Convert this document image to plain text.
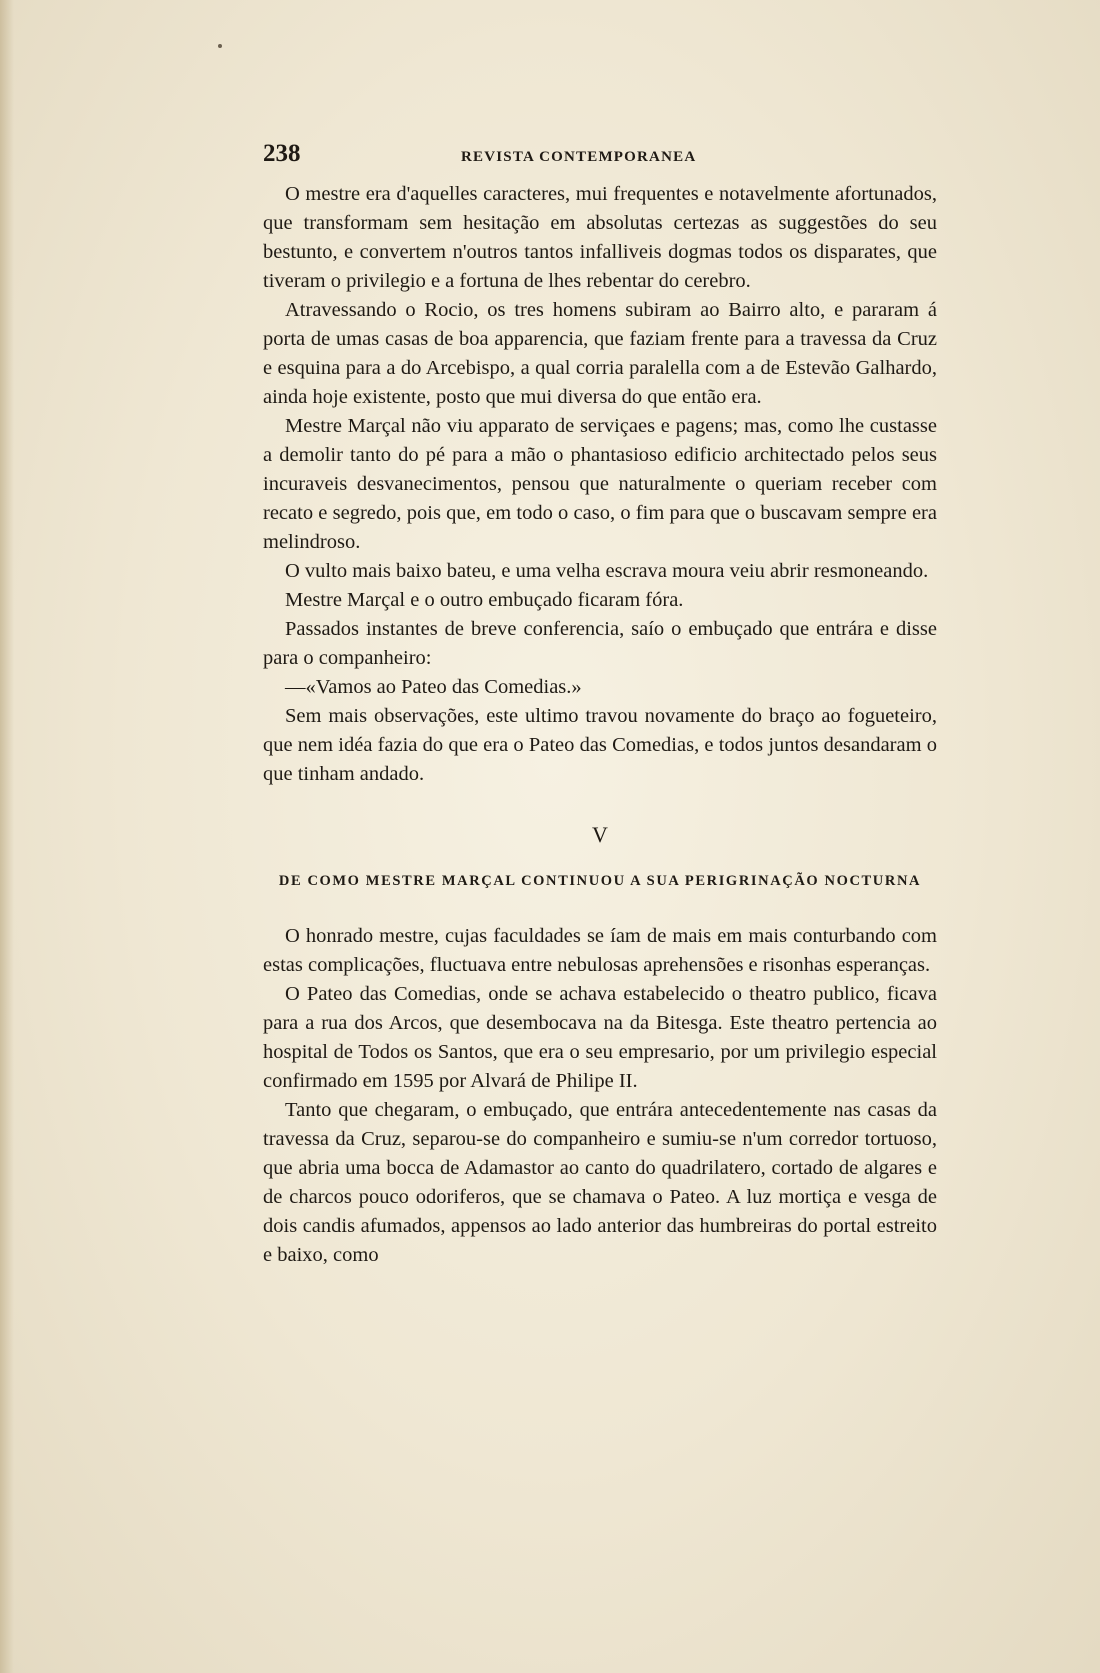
238	REVISTA CONTEMPORANEA

O mestre era d'aquelles caracteres, mui frequentes e notavelmente afortunados, que transformam sem hesitação em absolutas certezas as suggestões do seu bestunto, e convertem n'outros tantos infalliveis dogmas todos os disparates, que tiveram o privilegio e a fortuna de lhes rebentar do cerebro.

Atravessando o Rocio, os tres homens subiram ao Bairro alto, e pararam á porta de umas casas de boa apparencia, que faziam frente para a travessa da Cruz e esquina para a do Arcebispo, a qual corria paralella com a de Estevão Galhardo, ainda hoje existente, posto que mui diversa do que então era.

Mestre Marçal não viu apparato de serviçaes e pagens; mas, como lhe custasse a demolir tanto do pé para a mão o phantasioso edificio architectado pelos seus incuraveis desvanecimentos, pensou que naturalmente o queriam receber com recato e segredo, pois que, em todo o caso, o fim para que o buscavam sempre era melindroso.

O vulto mais baixo bateu, e uma velha escrava moura veiu abrir resmoneando.

Mestre Marçal e o outro embuçado ficaram fóra.

Passados instantes de breve conferencia, saío o embuçado que entrára e disse para o companheiro:

—«Vamos ao Pateo das Comedias.»

Sem mais observações, este ultimo travou novamente do braço ao fogueteiro, que nem idéa fazia do que era o Pateo das Comedias, e todos juntos desandaram o que tinham andado.

V
DE COMO MESTRE MARÇAL CONTINUOU A SUA PERIGRINAÇÃO NOCTURNA

O honrado mestre, cujas faculdades se íam de mais em mais conturbando com estas complicações, fluctuava entre nebulosas aprehensões e risonhas esperanças.

O Pateo das Comedias, onde se achava estabelecido o theatro publico, ficava para a rua dos Arcos, que desembocava na da Bitesga. Este theatro pertencia ao hospital de Todos os Santos, que era o seu empresario, por um privilegio especial confirmado em 1595 por Alvará de Philipe II.

Tanto que chegaram, o embuçado, que entrára antecedentemente nas casas da travessa da Cruz, separou-se do companheiro e sumiu-se n'um corredor tortuoso, que abria uma bocca de Adamastor ao canto do quadrilatero, cortado de algares e de charcos pouco odoriferos, que se chamava o Pateo. A luz mortiça e vesga de dois candis afumados, appensos ao lado anterior das humbreiras do portal estreito e baixo, como
